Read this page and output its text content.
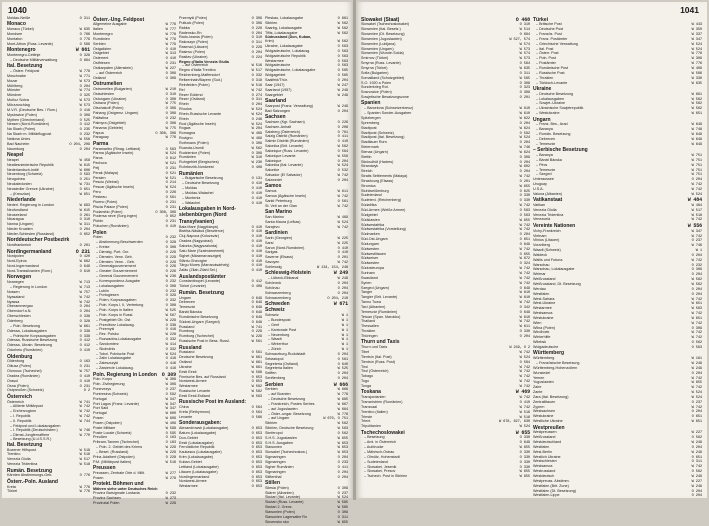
1040
Moldau-Neiße	O 311
Monaco
Monaco (Türkei)	W 635
Mondsee	O 766
Montafon	O 779
Mont-Athos (Russ. Levante)	O 566
Montenegro	W 661
Montenegro-Cettinje	O 329
– Deutsche Militärverwaltung	O 664
Ital. Besetzung
– Österr. Feldpost	W 778
Moschnabe	W 771
Mozar	W 573
Mühlberg	O 204
Münster	W 774
Mündner	O 325
Muñoz Sobra	W 573
Mürzzuschlag	W 573
M.V.R. (Deutsche Bes. / Rum.)	O 418
Mysłowice (Polen)	O 309
Mythen (Griechenland)	O 525
Nessen (Nord-Rumänien)	O 412
Na Skarb (Polen)	O 235
Na Skarb m. Militärflugpost	O 232
Nationa Unies	W 556
Bad Nauheim	O 204, 209
Naumburg	O 204
Neapel
Neapel	W 458
Neatlesniederische Republik	W 615
Nederlandsch-Indië	W 606
Neuenburg (Schweiz)	O 593
Neuguinea	O 251
Neukaledonien	W 731
Neusiedler Grenze (Ukraine)	O 651
– (Kreuzlan)	W 651
Niederlande
Nederl. Regierung in London	W 693
Neufundland	W 615
Neuseeland	O 261
Nicaragua	O 310
Nanna (Ungarn)	W 311
Nieder Kroatien	O 204
Nieder-Schlesien (Russland)	O 652
Norddeutscher Postbezirk
Nordfrankreich	O 201
Nordingermanland	O 231
Nordpolen	O 420
Nord-Epirus	W 662
Nord-Ingermanland	O 649
Nord-Transsilvanien (Rum.)	O 610
Norwegen
Norwegen	W 713
– Regierung in London	W 713
Nossen	W 757
Nyasaland	W 742
Nyassa	W 742
Oberammergau	O 204
Oberndorf a.N.	O 204
Oberschlesien	O 338
Oderberg	O 328
– Poln. Besetzung	W 661
Odessa, Lokalausgaben	O 338
– Polnische Korpsausgaben	O 338
Odessa, Russische Besetzung	O 412
Odessa, Ukrain. Besetzung	O 412
Odorheiu (Rumänien)	O 410
Oldenburg
Oldenburg	O 163
Olkusz (Polen)	O 231
Olomouc (Tschechei)	W 757
Oradea (Rumänien)	O 410
Orașul	O 410
Osna (Polen)	O 231
Ostpreußen (Schweiz)	O 2
Österreich
Österreich	W 741
– Alliierte Militärpost	W 742
– Erzherzogtum	W 742
– I. Republik	W 742
– II. Republik	W 744
– Feldpost und Lokalausgaben
– I. Republik (Deutschösterr.)	W 746
– Dienst-Jungfernaffiere	W 770
– Besetzung (U.d.S.S.R.)
Ital. Besetzung
Bozener Hilfspost	W 518
Trentino	W 516
Venezia Giulia	W 517
Venezia Tridentina	W 518
Rumän. Besetzung
Kärnten Abstimmungs-Geb.	O 776
Österr.-Poln. Ausland
Kreta	W 776
Türkei	W 776
Österr.-Ung. Feldpost
Allgemeine Ausgabe	W 776
Italien	W 777
Montenegro	W 778
Rumänien	W 779
Serbien	W 779
Ostgalizien	O 410
Ostgebiet	W 313
Osterrent	O 410
Ostfriesen	O 231
Ostkarpaten (Allenstein)	W 227
– auf Österreich	O 309
Ostland	O 309
Ostrumelien
Ostrumelien (Bulgarien)	W 210
Ostschlesien	O 310
Ostungarn (Ukraine)	O 308
Ostrava (Polen)	W 775
Otschakoff (Polen)	O 309
Pahang (Ostgrenz. Ungarn)	O 309
Palästina	O 232
Palmyra (Ostgebiet)	O 308
Panama (Gebiete)	W 775
Papua	O 308, 309
Paraguay	W 776
Parma
Paramaribo (Rinag. Lettland)	O 563
Parma (Ägäische Inseln)	W 524
Paros	O 612
Pechora	W 521
Pelj	O 231
Perak (Malaya)	O 521
Persien	W 521
Pesciu (Weinst)	O 214
Pescar (Ägäische Inseln)	W 524
Peru	O 226
Pesteau	O 561
Pioeno (Polen)	O 231
Piscia Palace (Polen)	O 231
Podambio (Polen)	O 308, 309
Podersa neve (Sorg.ingen)	O 652
Plobin	O 231
Poluchen (Rumänien)	O 410
Polen
Polen	O 232
– Abstimmung Beschwerden	O 328
– Kreise	O 308
– Dienstg. Port. Ocr.	O 229
– Dienstm. Verw. Geb.	O 229
– Dienstm. Verw. - Geb.	O 229
– Generalgouvernement	O 226
– Greater Gouvernement	O 226
– General Gouvernement	W 236
– Korrespondenz-Ausgabe	O 232
– Lokalausgaben	O 308
– Lublin	O 232
– Portugiesen	O 329
– Polen, Korpsausgaben	O 332
– Poln. Korps I, II, Vertretung	O 308
– Poln. Korps in Italien	W 525
– Poln. Korps in Russl.	W 567
– Postgebiet Ob. Ost	W 229
– Przedbórz Lokalausg.	O 338
– Przemyśl	O 416
– Rez. Polsko	W 228
– Rozwadów-Lokalausgabe	O 332
– Sandomierz	W 414
– Skobolnis	O 332
– Tobol. Polnische Post	W 524
– Zalin Lokalausgabe	O 416
– Zaleszczyki	O 416
– Zawiercie Lokalausg.	O 416
Poln. Regierung in London O 309
Poln. Korps	W 309
Poln. Zivilregierung	W 309
Ponevezys	O 237
Pontresina (Schweiz)	O 592
Portugal	W 347
Port Lagos (Franz. Levante)	W 347
Port Said	W 347
Portugal	W 600
Posen	W 609
Posen (Ostpolen)	W 409
Poste Militare	W 598
Poste Locale (Schweiz)	O 595
Preußen	O 163
Pribram-Tannen (Tschechei)	O 163
– Poln. 2. Gebiet des Krirms	W 229
– Beset. (Russland)	W 229
Prinz-Adalbert (Ostpolen)	O 228
P.M. (Militärpost Italien)	W 516
Preussen
Preussen, Zentrale Orte d. Milit.	W 277
Posen	W 278
Protekt. Böhmen und
Mähren siehe unter Deutsches Reich
Provinz Barsigmate Lostavia	O 232
Provinz Sachsen	W 273
Provinzial Polen	W 229
Przemyśl (Polen)	O 309
Puttuck (Polen)	O 309
Rabka	O 226
Radensko-Rn	O 204
Rado-Iwania (Polen)	O 310
Rakoszyn (Polen)	O 311
Rasenai (Litauen)	O 229
Rasinvu (Polen)	O 204
Rasitav (Ukraine)	O 224
Regno d'Italia Venezia Giulia
– auf Österreich	W 516
Regno d'Italia Trentino	W 517
Reichenberg-Maffersdorf	O 332
Reitzenhain/Bayern (Sud.)	O 318
Reinfelden (Polen)	W 519
Rel	W 742
Rezer Eddend	O 274
Rezer (Ostland)	O 311
Rhein	O 204
Rhodos	W 524
Rhein-Russische Levante	W 524
Rhein	O 246
Rocl (Ägäische Inseln)	W 524
Rogwa	W 204
Romagna	W 469
Rovigno	W 469
Rothmans (Polen)	O 309
Ruanda-Urundi	W 562
Rudzienice (Polen)	O 309
Rumänien	W 310
Ruhrgebiet (Bergisches)	W 230
Ruhrbezirk-Nordwest	O 408
Rumänien
– Bulgarische Besetzung	O 131
– Deutsche Besetzung	O 410
– Moldau	O 410
– Moldau-Walachei	O 410
– Muntenia	O 410
– Walachei	O 410
Lokalausgaben in Nord-
siebenbürgen (Nord
Transylvanien)
Baia Mare (Nagybánya)	O 410
Bistrița-Năsăud (Beszterce)	O 410
Cluj-Napoca (Kolozsvár)	O 410
Oradea (Nagyvárad)	O 410
Salonta (Nagyszalonta)	O 410
Satu Mare (Szatmárnémeti)	O 410
Sighet (Máramarossziget)	O 410
Sfântu Gheorghe	O 410
Târgu Mureș (Marosvásárhely)	O 410
Zalău (Zilah-Zilahi Sel.)	O 410
Auslandspostämter
Constantinopel (Levante)	O 412
Türkei (Levante)	O 409
Rumän. Besetzung
Ungarn	O 649
Debrecen	O 649
Temesvár	O 649
Bánát Bácska	O 649
Rumänische Besetzung	O 649
Südost-Ungarn (Szeged)	O 649
Russland	W 741
Rumburg	O 229
Rumburg (Tschechei)	W 229
Russische Post in Bess. Russl.	W 561
Russland
Russland	O 561
Deutsche Besetzung	W 661
Ostland	W 661
Ukraine	W 661
Eesti Eesti	W 568
Finnische Bes. auf Russland	O 653
Nordwest-Armee	O 653
Westarmee	W 562
Russische Levante	W 562
Eesti Eesti-Estland	W 563
Russische Post im Ausland:
China	O 564
Kreta (Rethymnon)	O 564
Levante	O 566
Sonderausgaben:
Alexandrowsk (Lokalausgabe)	O 653
Batum (Lokalausgabe)	O 653
Don-Gebiet	O 653
Eesti (Lokalausgabe)	O 653
Fernöstliche Republik	O 653
Kaukasus (Lokalausgabe)	O 653
Krim (Lokalausgabe)	O 653
Kuban-Gebiet	O 653
Lettland (Lokalausgabe)	O 653
Litauen (Lokalausgabe)	O 653
Nordingermanland	O 653
Nordwest-Armee	O 653
Westarmee	O 653
Pleskau, Lokalausgabe	O 661
Sibirien	W 562
Saarbg, Lokalausgabe	W 562
Tiflis, Lokalausgabe	W 562
Südrussland (Don, Kuban,
Krim)	W 562
Ukraine, Lokalausgabe	O 563
Wolgadeutsche, Lokalausg.	O 563
Wolgadeutsche Republik	O 563
Westarmee	O 563
Wolgadeutsche	O 563
Wolgadeutsche, Lokalausgabe	O 565
Wolgagebiet	O 565
Saalfeld/Thür.	O 204
Saar (1947)	W 247
Saarland (1957)	W 249
Saargebiet	W 249
Saarland
Saarpost (Franz. Verwaltung)	W 249
Bad Salzungen	O 204
Sachsen
Sachsen (Kgr. Sachsen)	O 226
Sachsen-Anhalt	O 208
Salzberg (Österreich)	O 761
Salzig Distrikt (Rumänien)	O 411
Salmin Distrikt (Rumänien)	O 410
Salonika (Brit. Levante)	W 562
Salonique (Russ. Levante)	O 564
Salonique Levante	W 556
Salonique	O 204
Salonika (Ital. Levante)	W 524
Salonike	O 532
Salvador (El Salvador)	W 742
Salzwedel	O 204
Samos
Samos	W 611
Samoa (Ägäische Inseln)	W 742
Sankt Peterburg	O 561
St. Veit an der Glan	W 742
San Marino
San Marino	W 469
Santa Maura (Lefkas)	W 524
Sarajevo	W 742
Sardinien
Sarin (Georgien)	W 225
Sarsi	W 225
Sarun (Nord-Rumänien)	O 410
Sarigas	O 410
Saverne (Elsass)	O 201
Savoyen	W 742
Schleswig	W 134, 154, 248
Schleswig-Holstein	W 249
– Lübeck-Elbkanal	W 249
Schöneck	O 204
Schönau	O 204
Schwarzenberg	O 204
Schwarzenberg	O 204, 210
Schweden	W 671
Schweiz
Schweiz	W 1
– Bundespost	W 1
– Genf	W 1
– Kantonale Post	W 1
– Neuenburg	W 1
– Waadt	W 1
– Winterthur	W 1
– Zürich	W 1
Schwarzburg-Rudolstadt	O 204
Sebastopol	O 561
Segreteria (Ostland)	O 640
Segreteria Italien	W 525
Seiffen	O 204
Senftenberg	O 204
Serbien	W 666
Serbien	W 666
– auf Bosnien	W 776
– Deutsche Besetzung	W 665
– Frankreich, Postes Serbes	W 667
– auf Jugoslawien	W 664
– Öster.-ungar. Besetzung	W 776
– auf Ungarn	W 670, O 751
Sibirien	W 562
Sibirien, Deutsche Besetzung	W 563
Simferopol	O 562
S.H.S. Jugoslawien	W 655
S.H.S. Ausgaben	W 653
Slawonien	W 653
Slowakei (Tschechoslow.)	W 653
Sigmaringen	O 204
Sigmaringen	O 233
Sigher Rumänien	O 411
Sigmaringen	O 204
Stiftenthal	O 204
Stillen
Silesia (Polen)	O 309
Skärer (Albanien)	O 237
Skutari (Ital. Levante)	W 524
Skutari (Russ. Levante)	W 565
Skutari 2. Grenz.	W 565
Slawonien (Polen)	O 309
Slawonien Lagersalbe Rn	O 311
Slovensko sko	W 655
1041
Slowakei (Staat)	O 468
Slowakei (Tschechoslowakei)	O 310
Slowenien (Ital. Besetz.)	W 514
Slowenien (Dt. Besetzung)	O 664
Slowenien (Jugoslawien)	W 527, 574
Slowenien (Lubljana)	W 574
Slowenien (Ungarn)	W 573
Slowenien (Wunde-Solda)	W 574
Smirnov (Türkei)	W 573
Smyrna (Russ. Levante)	O 564
Smyrna (Türkei)	W 635
Sofia (Bulgarien)	O 311
Somaliland (Schutzgebiet)	W 565
S.O. 1920 a Polen	O 308
Sonderkrieg Rot.	O 323
Sosnowice (Polen)	O 309
Sowjetische Besatzungszone	O 201
Spanien
– Barcelona (Schweizerkreuz)	W 610
– Spanien Sonder-Ausgaben	W 610
Spitzbergen	W 622
Spremberg	O 204
Stadtpost	W 624
Stadtpost (Schweiz)	O 592
Stadtpost (Ital. Besetzung)	W 524
Stadtlauer Rorn	O 204
Steiermark	W 746
Stenaz (Ungarn)	W 624
Stettin	O 309
Sticksdhüt (Hadres)	O 204
Strandwyk	W 602
Streich	O 204
Straits Settlements (Malaya)	W 742
Strasbourg (Elsass)	O 201
Strumica	W 655
Stuhlweißenburg	O 625
Sudetenland	O 330
Sudetenl. (Reichenberg)	O 330
Südafrika	W 742
Süd-Armee (Weiße Armee)	O 563
Südgebiet	O 563
Südslawien	W 655
Südwestafrika	W 742
Südwestafrika (Vorstellung)	W 742
Südmarken	O 204
Süd-Ost-Ungarn	O 651
Südungarn	O 649
Südwesten	W 742
Südwestlitauen	O 655
Südweiser	W 672
Südwesten	O 324
Südosteuropa	W 742
Surinam	W 742
Swasiland	W 742
Syrien	W 742
Szeged (Ungarn)	O 649
Tanger	W 610
Tangier (Brit. Levante)	W 610
Tannu Tuwa	W 742
Taxi (Albanien)	O 342
Temesvár (Rumänien)	O 649
Tetuan (Span. Marokko)	W 610
Thailand	W 742
Thessalien	W 611
Thrakien	O 330
Thüringen	O 204
Thurn und Taxis
Thurn und Taxis	W 249, O 2
Tibet	W 742
Tientsin (Ital. Post)	W 524
Tientsin (Russ. Post)	O 564
Tirol	W 742
Tirol (Österreich)	W 742
Tobago	W 742
Togo	W 742
Tonga	W 742
Toskana	W 469
Transjordanien	W 742
Transnistrien (Rumänien)	O 410
Transvaal	W 742
Trentino (Italien)	W 516
Trieste	W 516
Trient	W 678, 627, 630
Tripolitanien	W 524
Tschechoslowakei	W 655
– Besetzung	O 330
– Aml. in Österreich	O 649
– Aufdrucke	W 655
– Mährisch-Ostrau	O 330
– Olmütz, Hohenstadt	O 330
– Sudetenland	O 330
– Slowakei, Jesenik	O 330
– Slowakei, Presov	W 655
– Tschech. Post in Sibirien	W 655
Türkei
– Britische Post	W 443
– Deutsche Post	W 350
– Französ. Post	W 337
– Franz. Postämter	W 347
– Griechische Verwaltung	W 524
– Ital. Post	W 524
– Österr. Post	W 776
– Poln. Post	W 309
– Postämter	W 776
– Rumänische Post	W 409
– Russische Post	W 566
– Thrakien	W 330
– Türkisch-Levante	W 635
Ukraine
– Deutsche Besetzung	W 661
– Lokalausgaben	W 562
– Sowjet.-Ukraine	W 562
– Ukrainische Sowjetrepublik	W 562
– Westukraine	W 651
Ungarn
– Franz. Bes., Arad	W 649
– Baranya	W 748
– Rumän. Besetzung	W 649
– Debrecen	W 649
– Temesvár	W 649
– Serbische Besetzung
– Baranya	W 751
– Bánát Bácska	W 751
– Pécs	W 751
– Temesvár	W 751
– Szeged	W 751
Unteraussee	O 204
Uruguay	W 742
U.S.A.	W 742
Valona (Albanien)	W 524
Vatikanstaat	W 484
Vatikan	W 484
Venezia Giulia	W 517
Venezia Tridentina	W 518
Venezuela	W 742
Vereinte Nationen	W 556
Vichy-Frankreich	W 347
Vietnam	W 742
Vilnius (Litauen)	O 237
Vorarlberg	W 746
Waadt (Schweiz)	W 1
Waldeck	O 204
Wallis und Futuna	W 742
Warschau	O 232
Warschau, Lokalausgabe	O 309
Weimar	O 204
Weißrussland	W 562
Weißrussland, Dt. Besetzung	W 562
Werdau	O 204
Westfalen	O 204
West-Sahara	W 742
West-Ukraine	W 651
Westarmee	W 563
Westsamoa	W 742
Westukraine	W 651
Wien	W 742
Wilna (Polen)	O 309
Windhoek	W 742
Winterhilfe	W 742
Witebsk	O 562
Wolgadeutsche	O 563
Württemberg
Württemberg	W 161
– Französische Besetzung	W 249
Württemberg-Hohenzollern	W 249
Wunsiedel	O 204
Yemen	W 742
Yugoslawien	W 655
Zaire	W 742
Zante	W 524
Zara (Ital. Besetzung)	W 524
Zentrallitauen	O 237
Zypern	W 742
Westsachsen	O 204
Westukraine	O 651
Westliche Ukraine	W 651
Westpreußen
Westpreussen	W 227
Weißrussland	O 562
Westdeutschland	W 249
Westfalen	O 204
West-Berlin	W 249
Westlich Ukraine	O 651
Westschlesien	O 311
Westsamoa	W 742
Westrussland	O 562
Westdeutsch	W 249
Westpreuss. Abstimm.	W 227
Westfalen (Brit. Zone)	W 249
Westfalen (Dt. Besetzung)	O 204
Westfalen-Lippe	O 204
